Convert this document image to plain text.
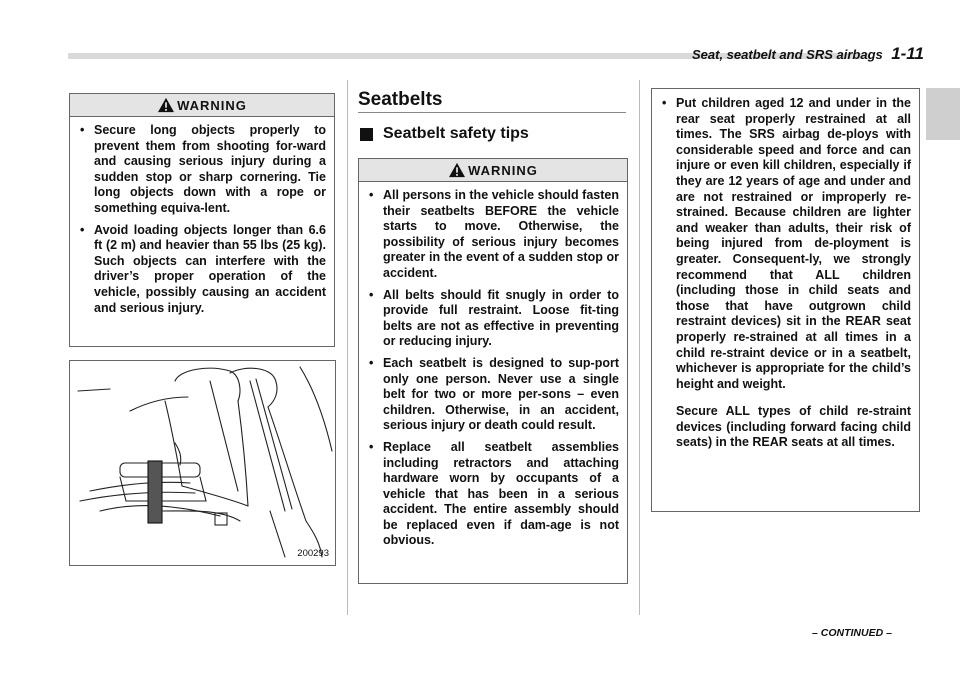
Seat, seatbelt and SRS airbags 1-11
WARNING
• Secure long objects properly to prevent them from shooting for-ward and causing serious injury during a sudden stop or sharp cornering. Tie long objects down with a rope or something equiva-lent.
• Avoid loading objects longer than 6.6 ft (2 m) and heavier than 55 lbs (25 kg). Such objects can interfere with the driver’s proper operation of the vehicle, possibly causing an accident and serious injury.
200293
Seatbelts
Seatbelt safety tips
WARNING
• All persons in the vehicle should fasten their seatbelts BEFORE the vehicle starts to move. Otherwise, the possibility of serious injury becomes greater in the event of a sudden stop or accident.
• All belts should fit snugly in order to provide full restraint. Loose fit-ting belts are not as effective in preventing or reducing injury.
• Each seatbelt is designed to sup-port only one person. Never use a single belt for two or more per-sons – even children. Otherwise, in an accident, serious injury or death could result.
• Replace all seatbelt assemblies including retractors and attaching hardware worn by occupants of a vehicle that has been in a serious accident. The entire assembly should be replaced even if dam-age is not obvious.
• Put children aged 12 and under in the rear seat properly restrained at all times. The SRS airbag de-ploys with considerable speed and force and can injure or even kill children, especially if they are 12 years of age and under and are not restrained or improperly re-strained. Because children are lighter and weaker than adults, their risk of being injured from de-ployment is greater. Consequent-ly, we strongly recommend that ALL children (including those in child seats and those that have outgrown child restraint devices) sit in the REAR seat properly re-strained at all times in a child re-straint device or in a seatbelt, whichever is appropriate for the child’s height and weight.

Secure ALL types of child re-straint devices (including forward facing child seats) in the REAR seats at all times.

– CONTINUED –
